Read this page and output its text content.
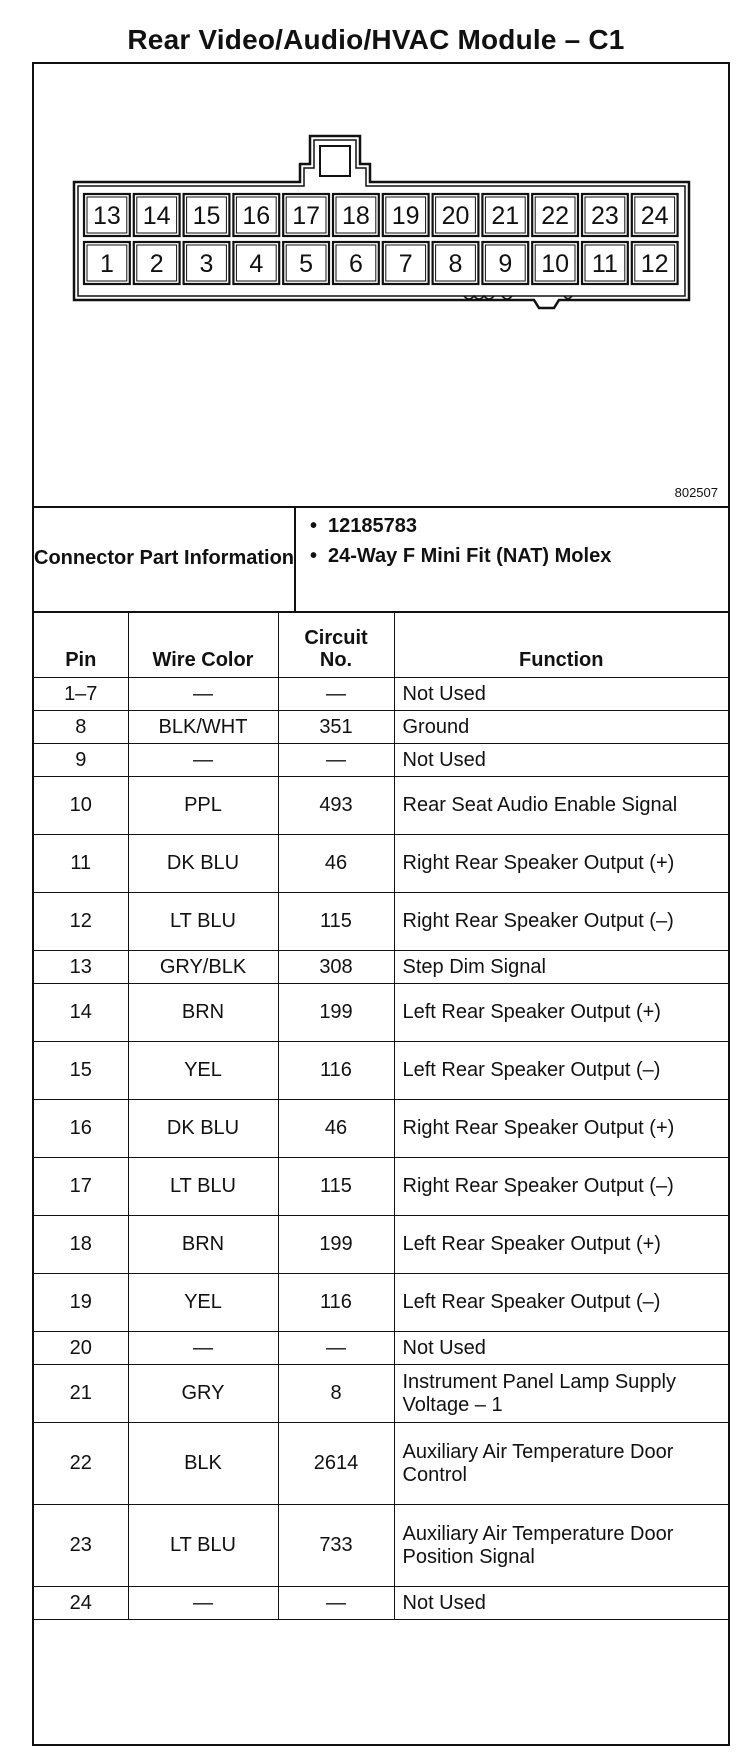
Rear Video/Audio/HVAC Module – C1
13 14 15 16 17 18 19 20 21 22 23 24
1 2 3 4 5 6 7 8 9 10 11 12
802507
Connector Part Information
• 12185783
• 24-Way F Mini Fit (NAT) Molex
Pin	Wire Color	Circuit No.	Function
1–7	—	—	Not Used
8	BLK/WHT	351	Ground
9	—	—	Not Used
10	PPL	493	Rear Seat Audio Enable Signal
11	DK BLU	46	Right Rear Speaker Output (+)
12	LT BLU	115	Right Rear Speaker Output (–)
13	GRY/BLK	308	Step Dim Signal
14	BRN	199	Left Rear Speaker Output (+)
15	YEL	116	Left Rear Speaker Output (–)
16	DK BLU	46	Right Rear Speaker Output (+)
17	LT BLU	115	Right Rear Speaker Output (–)
18	BRN	199	Left Rear Speaker Output (+)
19	YEL	116	Left Rear Speaker Output (–)
20	—	—	Not Used
21	GRY	8	Instrument Panel Lamp Supply Voltage – 1
22	BLK	2614	Auxiliary Air Temperature Door Control
23	LT BLU	733	Auxiliary Air Temperature Door Position Signal
24	—	—	Not Used
